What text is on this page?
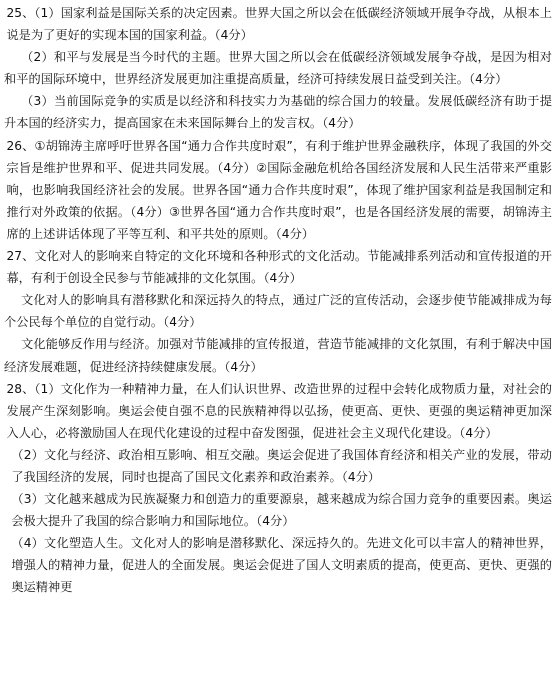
25、（1）国家利益是国际关系的决定因素。世界大国之所以会在低碳经济领域开展争夺战，从根本上说是为了更好的实现本国的国家利益。（4分）

（2）和平与发展是当今时代的主题。世界大国之所以会在低碳经济领域发展争夺战，是因为相对和平的国际环境中，世界经济发展更加注重提高质量，经济可持续发展日益受到关注。（4分）

（3）当前国际竞争的实质是以经济和科技实力为基础的综合国力的较量。发展低碳经济有助于提升本国的经济实力，提高国家在未来国际舞台上的发言权。（4分）

26、①胡锦涛主席呼吁世界各国“通力合作共度时艰”，有利于维护世界金融秩序，体现了我国的外交宗旨是维护世界和平、促进共同发展。（4分）②国际金融危机给各国经济发展和人民生活带来严重影响，也影响我国经济社会的发展。世界各国“通力合作共度时艰”，体现了维护国家利益是我国制定和推行对外政策的依据。（4分）③世界各国“通力合作共度时艰”，也是各国经济发展的需要，胡锦涛主席的上述讲话体现了平等互利、和平共处的原则。（4分）

27、文化对人的影响来自特定的文化环境和各种形式的文化活动。节能减排系列活动和宣传报道的开幕，有利于创设全民参与节能减排的文化氛围。（4分）

文化对人的影响具有潜移默化和深远持久的特点，通过广泛的宣传活动，会逐步使节能减排成为每个公民每个单位的自觉行动。（4分）

文化能够反作用与经济。加强对节能减排的宣传报道，营造节能减排的文化氛围，有利于解决中国经济发展难题，促进经济持续健康发展。（4分）

28、（1）文化作为一种精神力量，在人们认识世界、改造世界的过程中会转化成物质力量，对社会的发展产生深刻影响。奥运会使自强不息的民族精神得以弘扬，使更高、更快、更强的奥运精神更加深入人心，必将激励国人在现代化建设的过程中奋发图强，促进社会主义现代化建设。（4分）

（2）文化与经济、政治相互影响、相互交融。奥运会促进了我国体育经济和相关产业的发展，带动了我国经济的发展，同时也提高了国民文化素养和政治素养。（4分）

（3）文化越来越成为民族凝聚力和创造力的重要源泉，越来越成为综合国力竞争的重要因素。奥运会极大提升了我国的综合影响力和国际地位。（4分）

（4）文化塑造人生。文化对人的影响是潜移默化、深远持久的。先进文化可以丰富人的精神世界，增强人的精神力量，促进人的全面发展。奥运会促进了国人文明素质的提高，使更高、更快、更强的奥运精神更
